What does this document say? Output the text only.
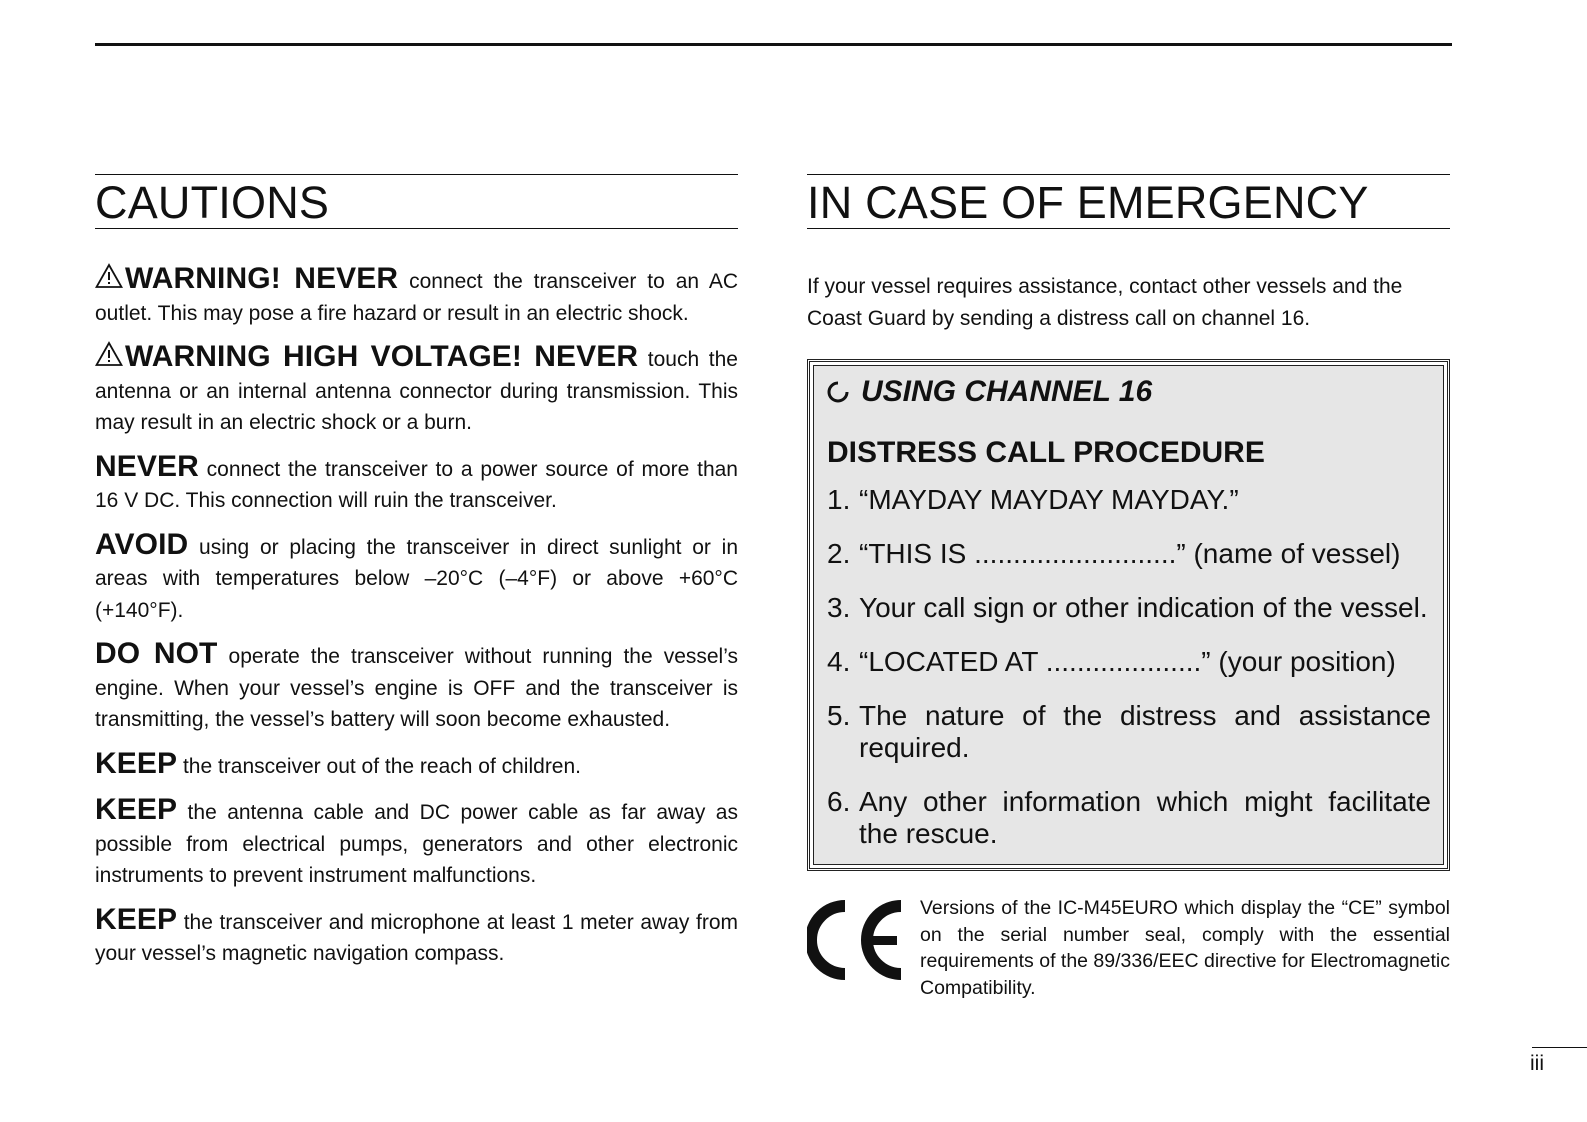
CAUTIONS

WARNING! NEVER connect the transceiver to an AC outlet. This may pose a fire hazard or result in an electric shock.

WARNING HIGH VOLTAGE! NEVER touch the antenna or an internal antenna connector during transmission. This may result in an electric shock or a burn.

NEVER connect the transceiver to a power source of more than 16 V DC. This connection will ruin the transceiver.

AVOID using or placing the transceiver in direct sunlight or in areas with temperatures below –20°C (–4°F) or above +60°C (+140°F).

DO NOT operate the transceiver without running the vessel’s engine. When your vessel’s engine is OFF and the transceiver is transmitting, the vessel’s battery will soon become exhausted.

KEEP the transceiver out of the reach of children.

KEEP the antenna cable and DC power cable as far away as possible from electrical pumps, generators and other electronic instruments to prevent instrument malfunctions.

KEEP the transceiver and microphone at least 1 meter away from your vessel’s magnetic navigation compass.

IN CASE OF EMERGENCY

If your vessel requires assistance, contact other vessels and the Coast Guard by sending a distress call on channel 16.

USING CHANNEL 16
DISTRESS CALL PROCEDURE
1. “MAYDAY MAYDAY MAYDAY.”
2. “THIS IS ..........................” (name of vessel)
3. Your call sign or other indication of the vessel.
4. “LOCATED AT ....................” (your position)
5. The nature of the distress and assistance required.
6. Any other information which might facilitate the rescue.
Versions of the IC-M45EURO which display the “CE” symbol on the serial number seal, comply with the essential requirements of the 89/336/EEC directive for Electromagnetic Compatibility.
iii
